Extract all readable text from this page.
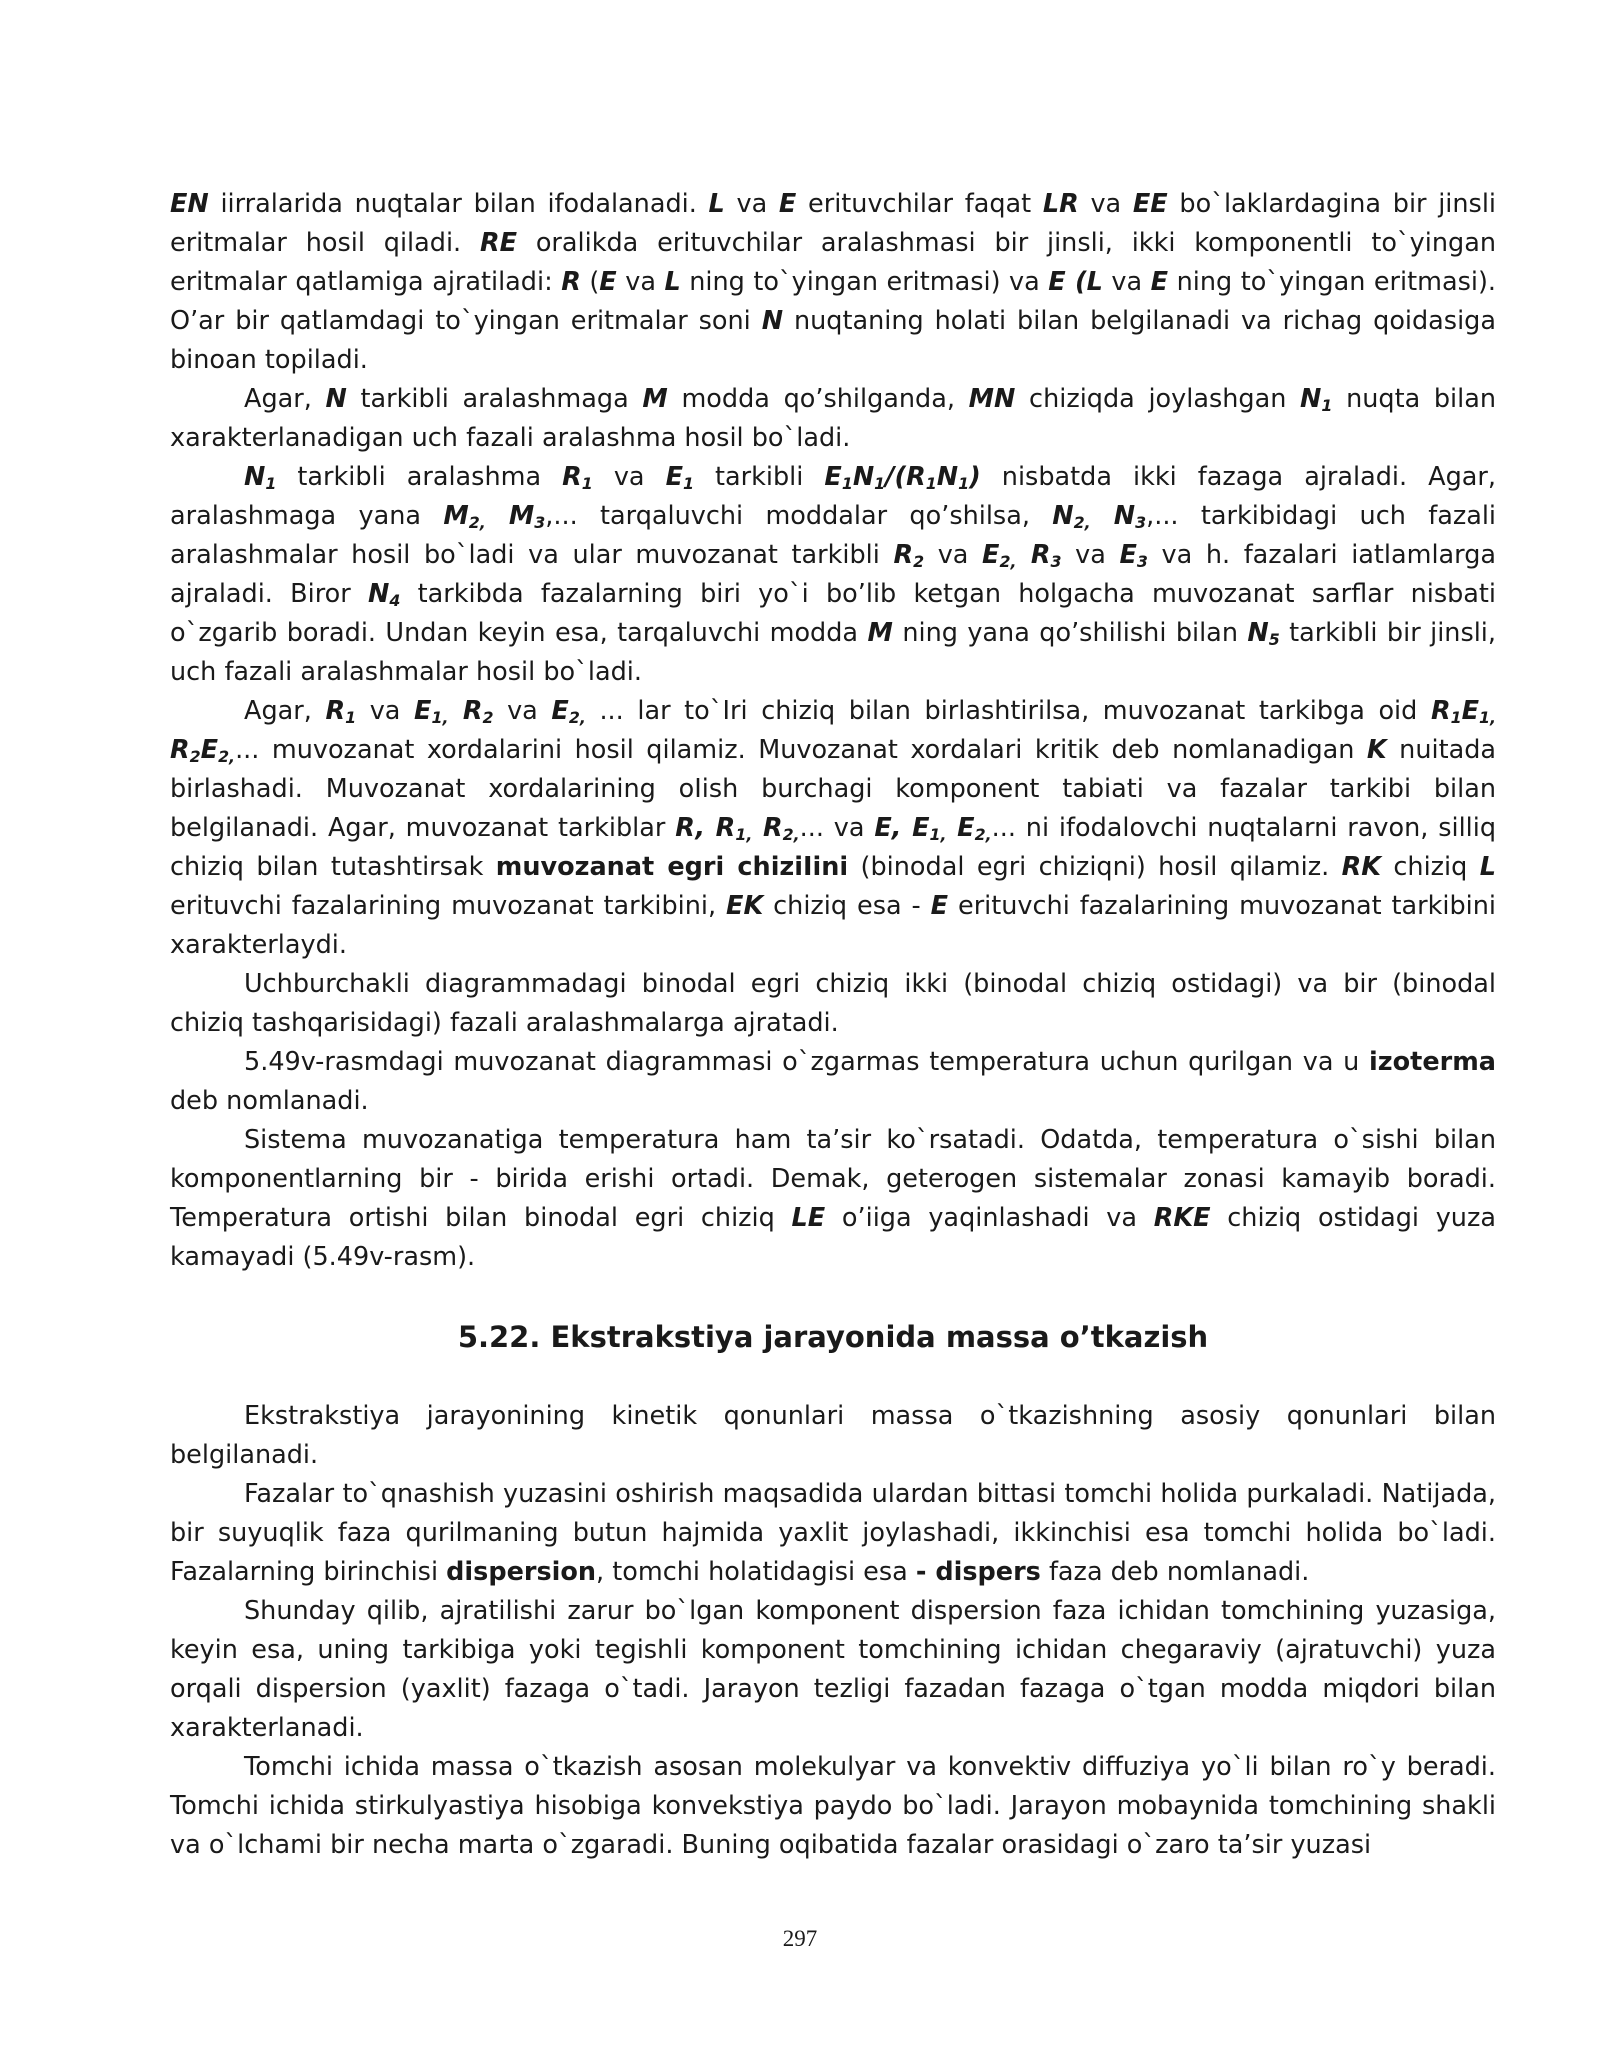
EN iirralarida nuqtalar bilan ifodalanadi. L va E erituvchilar faqat LR va EE bo`laklardagina bir jinsli eritmalar hosil qiladi. RE oralikda erituvchilar aralashmasi bir jinsli, ikki komponentli to`yingan eritmalar qatlamiga ajratiladi: R (E va L ning to`yingan eritmasi) va E (L va E ning to`yingan eritmasi). O’ar bir qatlamdagi to`yingan eritmalar soni N nuqtaning holati bilan belgilanadi va richag qoidasiga binoan topiladi.

Agar, N tarkibli aralashmaga M modda qo’shilganda, MN chiziqda joylashgan $N_1$ nuqta bilan xarakterlanadigan uch fazali aralashma hosil bo`ladi.

$N_1$ tarkibli aralashma $R_1$ va $E_1$ tarkibli $E_1N_1/(R_1N_1)$ nisbatda ikki fazaga ajraladi. Agar, aralashmaga yana $M_{2,}$ $M_3$,... tarqaluvchi moddalar qo’shilsa, $N_{2,}$ $N_3$,... tarkibidagi uch fazali aralashmalar hosil bo`ladi va ular muvozanat tarkibli $R_2$ va $E_{2,}$ $R_3$ va $E_3$ va h. fazalari iatlamlarga ajraladi. Biror $N_4$ tarkibda fazalarning biri yo`i bo’lib ketgan holgacha muvozanat sarflar nisbati o`zgarib boradi. Undan keyin esa, tarqaluvchi modda M ning yana qo’shilishi bilan $N_5$ tarkibli bir jinsli, uch fazali aralashmalar hosil bo`ladi.

Agar, $R_1$ va $E_{1,}$ $R_2$ va $E_{2,}$ ... lar to`Iri chiziq bilan birlashtirilsa, muvozanat tarkibga oid $R_1E_{1,}$ $R_2E_{2,}$... muvozanat xordalarini hosil qilamiz. Muvozanat xordalari kritik deb nomlanadigan K nuitada birlashadi. Muvozanat xordalarining oIish burchagi komponent tabiati va fazalar tarkibi bilan belgilanadi. Agar, muvozanat tarkiblar R, $R_{1,}$ $R_{2,}$... va E, $E_{1,}$ $E_{2,}$... ni ifodalovchi nuqtalarni ravon, silliq chiziq bilan tutashtirsak muvozanat egri chiziIini (binodal egri chiziqni) hosil qilamiz. RK chiziq L erituvchi fazalarining muvozanat tarkibini, EK chiziq esa - E erituvchi fazalarining muvozanat tarkibini xarakterlaydi.

Uchburchakli diagrammadagi binodal egri chiziq ikki (binodal chiziq ostidagi) va bir (binodal chiziq tashqarisidagi) fazali aralashmalarga ajratadi.

5.49v-rasmdagi muvozanat diagrammasi o`zgarmas temperatura uchun qurilgan va u izoterma deb nomlanadi.

Sistema muvozanatiga temperatura ham ta’sir ko`rsatadi. Odatda, temperatura o`sishi bilan komponentlarning bir - birida erishi ortadi. Demak, geterogen sistemalar zonasi kamayib boradi. Temperatura ortishi bilan binodal egri chiziq LE o’iiga yaqinlashadi va RKE chiziq ostidagi yuza kamayadi (5.49v-rasm).

5.22. Ekstrakstiya jarayonida massa o’tkazish

Ekstrakstiya jarayonining kinetik qonunlari massa o`tkazishning asosiy qonunlari bilan belgilanadi.

Fazalar to`qnashish yuzasini oshirish maqsadida ulardan bittasi tomchi holida purkaladi. Natijada, bir suyuqlik faza qurilmaning butun hajmida yaxlit joylashadi, ikkinchisi esa tomchi holida bo`ladi. Fazalarning birinchisi dispersion, tomchi holatidagisi esa - dispers faza deb nomlanadi.

Shunday qilib, ajratilishi zarur bo`lgan komponent dispersion faza ichidan tomchining yuzasiga, keyin esa, uning tarkibiga yoki tegishli komponent tomchining ichidan chegaraviy (ajratuvchi) yuza orqali dispersion (yaxlit) fazaga o`tadi. Jarayon tezligi fazadan fazaga o`tgan modda miqdori bilan xarakterlanadi.

Tomchi ichida massa o`tkazish asosan molekulyar va konvektiv diffuziya yo`li bilan ro`y beradi. Tomchi ichida stirkulyastiya hisobiga konvekstiya paydo bo`ladi. Jarayon mobaynida tomchining shakli va o`lchami bir necha marta o`zgaradi. Buning oqibatida fazalar orasidagi o`zaro ta’sir yuzasi

297
